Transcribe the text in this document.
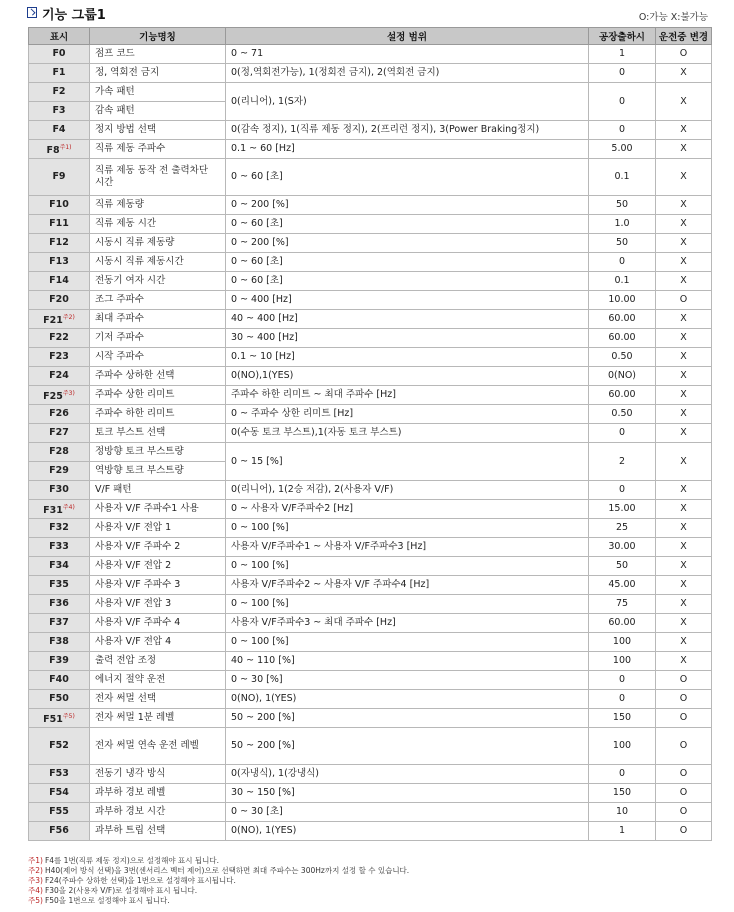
기능 그룹1	O:가능 X:불가능
표시	기능명칭	설정 범위	공장출하시	운전중 변경
F0	점프 코드	0 ~ 71	1	O
F1	정, 역회전 금지	0(정,역회전가능), 1(정회전 금지), 2(역회전 금지)	0	X
F2	가속 패턴	0(리니어), 1(S자)	0	X
F3	감속 패턴			
F4	정지 방법 선택	0(감속 정지), 1(직류 제동 정지), 2(프리런 정지), 3(Power Braking정지)	0	X
$F8^{주1)}$	직류 제동 주파수	0.1 ~ 60 [Hz]	5.00	X
F9	직류 제동 동작 전 출력차단 시간	0 ~ 60 [초]	0.1	X
F10	직류 제동량	0 ~ 200 [%]	50	X
F11	직류 제동 시간	0 ~ 60 [초]	1.0	X
F12	시동시 직류 제동량	0 ~ 200 [%]	50	X
F13	시동시 직류 제동시간	0 ~ 60 [초]	0	X
F14	전동기 여자 시간	0 ~ 60 [초]	0.1	X
F20	조그 주파수	0 ~ 400 [Hz]	10.00	O
$F21^{주2)}$	최대 주파수	40 ~ 400 [Hz]	60.00	X
F22	기저 주파수	30 ~ 400 [Hz]	60.00	X
F23	시작 주파수	0.1 ~ 10 [Hz]	0.50	X
F24	주파수 상하한 선택	0(NO),1(YES)	0(NO)	X
$F25^{주3)}$	주파수 상한 리미트	주파수 하한 리미트 ~ 최대 주파수 [Hz]	60.00	X
F26	주파수 하한 리미트	0 ~ 주파수 상한 리미트 [Hz]	0.50	X
F27	토크 부스트 선택	0(수동 토크 부스트),1(자동 토크 부스트)	0	X
F28	정방향 토크 부스트량	0 ~ 15 [%]	2	X
F29	역방향 토크 부스트량			
F30	V/F 패턴	0(리니어), 1(2승 저감), 2(사용자 V/F)	0	X
$F31^{주4)}$	사용자 V/F 주파수1 사용	0 ~ 사용자 V/F주파수2 [Hz]	15.00	X
F32	사용자 V/F 전압 1	0 ~ 100 [%]	25	X
F33	사용자 V/F 주파수 2	사용자 V/F주파수1 ~ 사용자 V/F주파수3 [Hz]	30.00	X
F34	사용자 V/F 전압 2	0 ~ 100 [%]	50	X
F35	사용자 V/F 주파수 3	사용자 V/F주파수2 ~ 사용자 V/F 주파수4 [Hz]	45.00	X
F36	사용자 V/F 전압 3	0 ~ 100 [%]	75	X
F37	사용자 V/F 주파수 4	사용자 V/F주파수3 ~ 최대 주파수 [Hz]	60.00	X
F38	사용자 V/F 전압 4	0 ~ 100 [%]	100	X
F39	출력 전압 조정	40 ~ 110 [%]	100	X
F40	에너지 절약 운전	0 ~ 30 [%]	0	O
F50	전자 써멀 선택	0(NO), 1(YES)	0	O
$F51^{주5)}$	전자 써멀 1분 레벨	50 ~ 200 [%]	150	O
F52	전자 써멀 연속 운전 레벨	50 ~ 200 [%]	100	O
F53	전동기 냉각 방식	0(자냉식), 1(강냉식)	0	O
F54	과부하 경보 레벨	30 ~ 150 [%]	150	O
F55	과부하 경보 시간	0 ~ 30 [초]	10	O
F56	과부하 트립 선택	0(NO), 1(YES)	1	O
주1) F4를 1번(직류 제동 정지)으로 설정해야 표시 됩니다.
주2) H40(제어 방식 선택)을 3번(센서리스 벡터 제어)으로 선택하면 최대 주파수는 300Hz까지 설정 할 수 있습니다.
주3) F24(주파수 상하한 선택)을 1번으로 설정해야 표시됩니다.
주4) F30을 2(사용자 V/F)로 설정해야 표시 됩니다.
주5) F50을 1번으로 설정해야 표시 됩니다.
